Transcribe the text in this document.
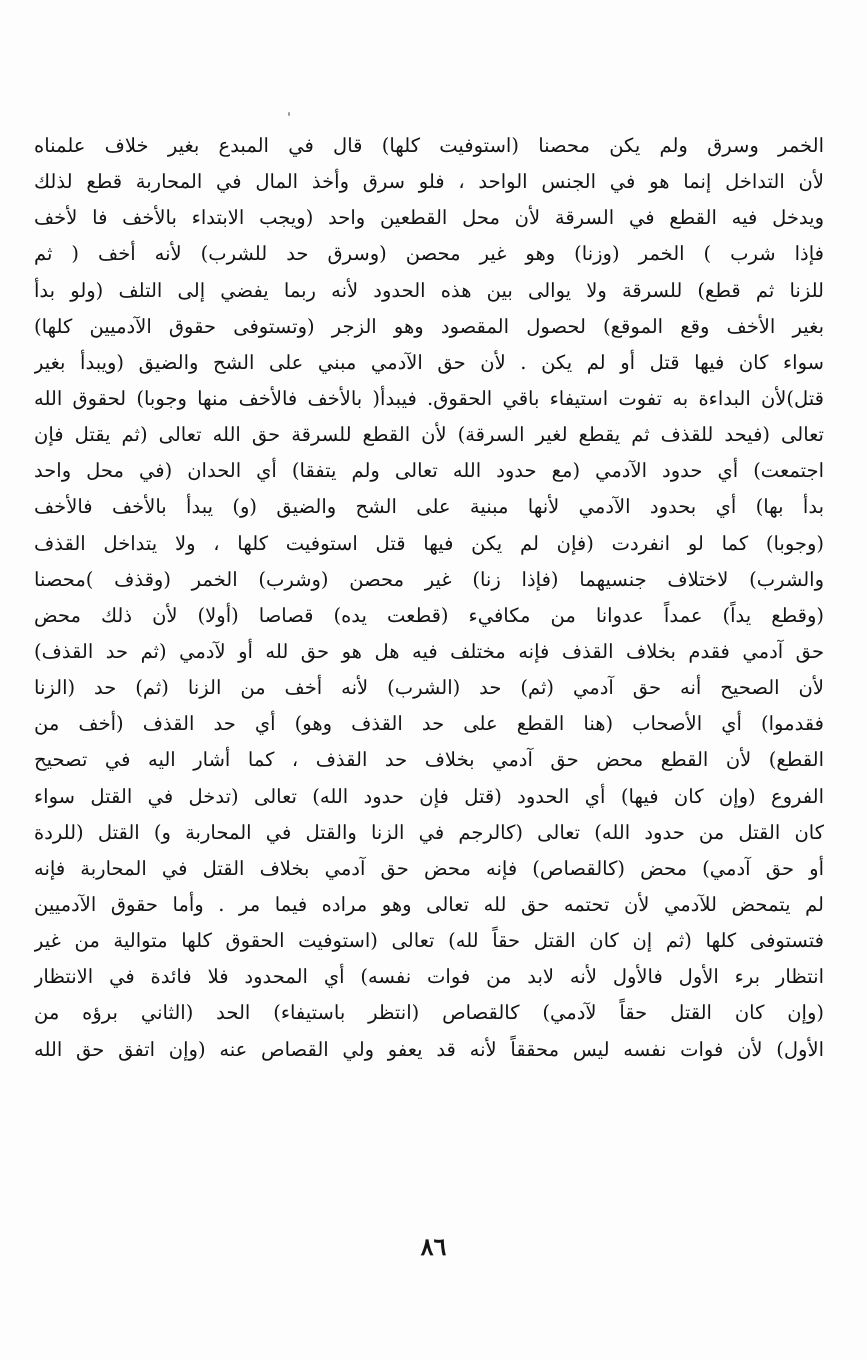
الخمر وسرق ولم يكن محصنا (استوفيت كلها) قال في المبدع بغير خلاف علمناه
لأن التداخل إنما هو في الجنس الواحد ، فلو سرق وأخذ المال في المحاربة قطع لذلك
ويدخل فيه القطع في السرقة لأن محل القطعين واحد (ويجب الابتداء بالأخف فا لأخف
فإذا شرب ) الخمر (وزنا) وهو غير محصن (وسرق حد للشرب) لأنه أخف ( ثم
للزنا ثم قطع) للسرقة ولا يوالى بين هذه الحدود لأنه ربما يفضي إلى التلف (ولو بدأ
بغير الأخف وقع الموقع) لحصول المقصود وهو الزجر (وتستوفى حقوق الآدميين كلها)
سواء كان فيها قتل أو لم يكن . لأن حق الآدمي مبني على الشح والضيق (ويبدأ بغير
قتل)لأن البداءة به تفوت استيفاء باقي الحقوق. فيبدأ( بالأخف فالأخف منها وجوبا) لحقوق الله
تعالى (فيحد للقذف ثم يقطع لغير السرقة) لأن القطع للسرقة حق الله تعالى (ثم يقتل فإن
اجتمعت) أي حدود الآدمي (مع حدود الله تعالى ولم يتفقا) أي الحدان (في محل واحد
بدأ بها) أي بحدود الآدمي لأنها مبنية على الشح والضيق (و) يبدأ بالأخف فالأخف
(وجوبا) كما لو انفردت (فإن لم يكن فيها قتل استوفيت كلها ، ولا يتداخل القذف
والشرب) لاختلاف جنسيهما (فإذا زنا) غير محصن (وشرب) الخمر (وقذف )محصنا
(وقطع يداً) عمداً عدوانا من مكافيء (قطعت يده) قصاصا (أولا) لأن ذلك محض
حق آدمي فقدم بخلاف القذف فإنه مختلف فيه هل هو حق لله أو لآدمي (ثم حد القذف)
لأن الصحيح أنه حق آدمي (ثم) حد (الشرب) لأنه أخف من الزنا (ثم) حد (الزنا
فقدموا) أي الأصحاب (هنا القطع على حد القذف وهو) أي حد القذف (أخف من
القطع) لأن القطع محض حق آدمي بخلاف حد القذف ، كما أشار اليه في تصحيح
الفروع (وإن كان فيها) أي الحدود (قتل فإن حدود الله) تعالى (تدخل في القتل سواء
كان القتل من حدود الله) تعالى (كالرجم في الزنا والقتل في المحاربة و) القتل (للردة
أو حق آدمي) محض (كالقصاص) فإنه محض حق آدمي بخلاف القتل في المحاربة فإنه
لم يتمحض للآدمي لأن تحتمه حق لله تعالى وهو مراده فيما مر . وأما حقوق الآدميين
فتستوفى كلها (ثم إن كان القتل حقاً لله) تعالى (استوفيت الحقوق كلها متوالية من غير
انتظار برء الأول فالأول لأنه لابد من فوات نفسه) أي المحدود فلا فائدة في الانتظار
(وإن كان القتل حقاً لآدمي) كالقصاص (انتظر باستيفاء) الحد (الثاني برؤه من
الأول) لأن فوات نفسه ليس محققاً لأنه قد يعفو ولي القصاص عنه (وإن اتفق حق الله
٨٦
